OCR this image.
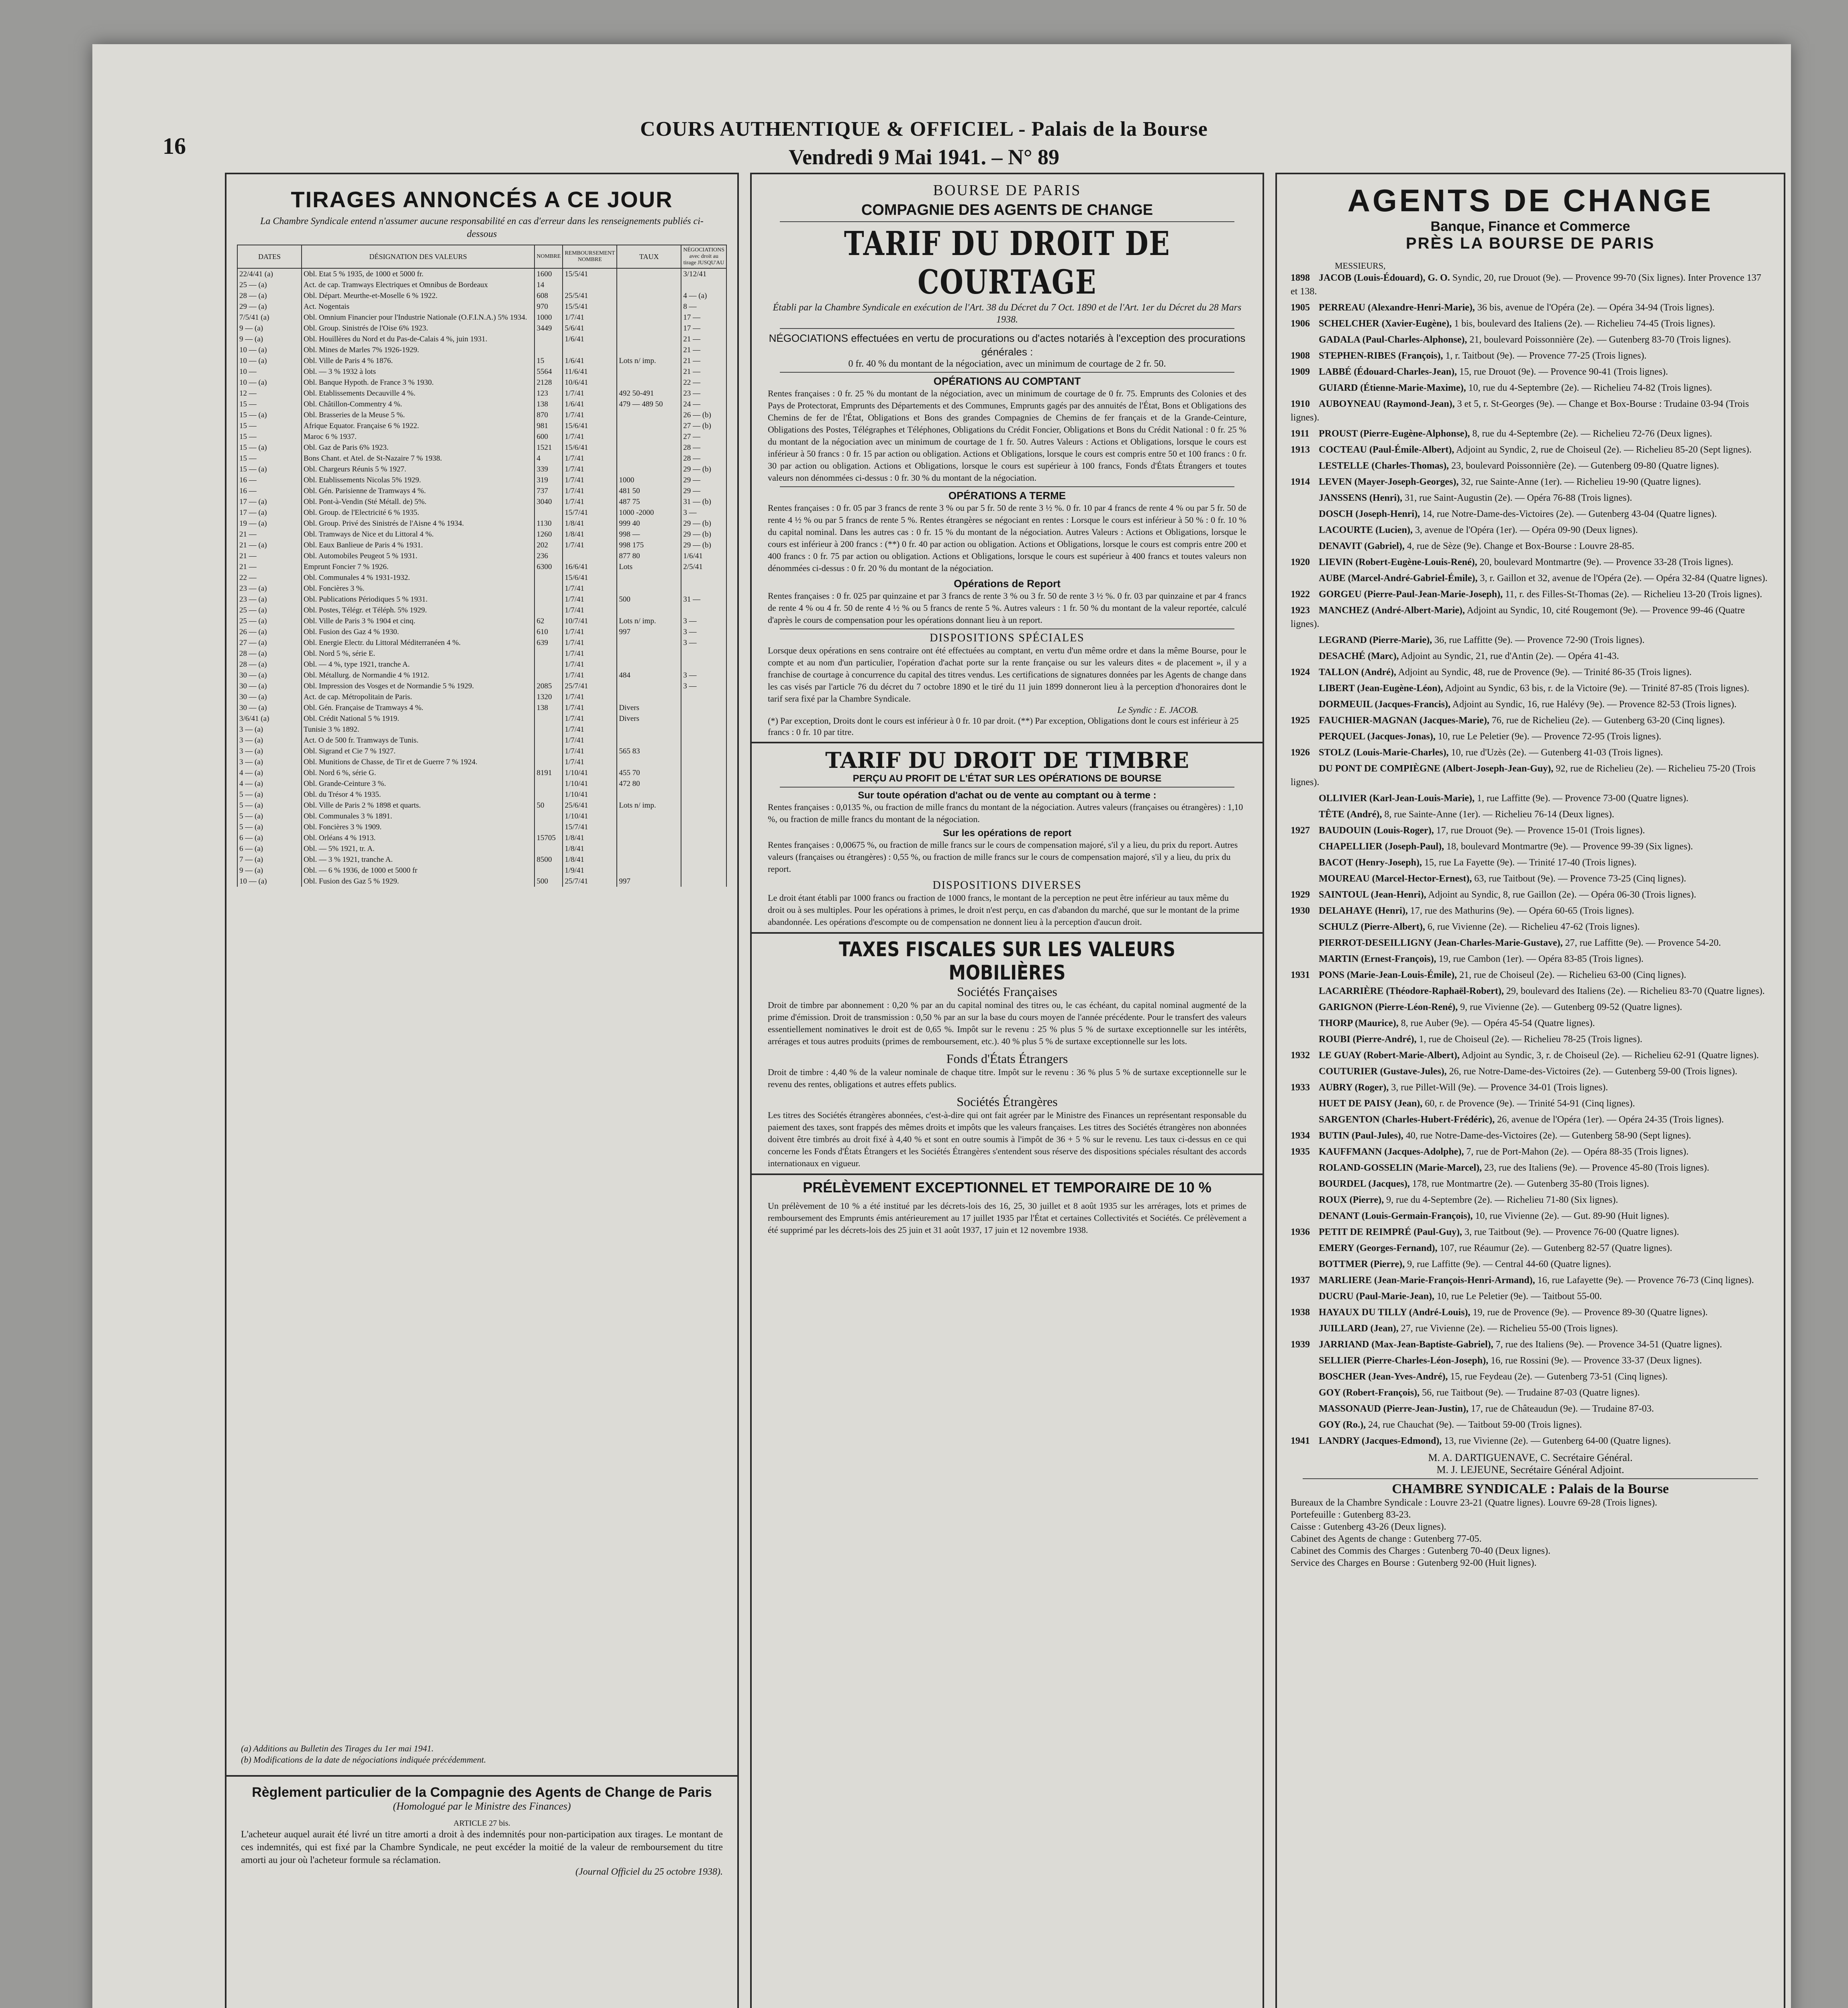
16
COURS AUTHENTIQUE & OFFICIEL - Palais de la Bourse
Vendredi 9 Mai 1941. – N° 89
TIRAGES ANNONCÉS A CE JOUR
La Chambre Syndicale entend n'assumer aucune responsabilité en cas d'erreur dans les renseignements publiés ci-dessous
DATES	DÉSIGNATION DES VALEURS	NOMBRE	REMBOURSEMENT NOMBRE	TAUX	NÉGOCIATIONS avec droit au tirage JUSQU'AU
22/4/41 (a)	Obl. Etat 5 % 1935, de 1000 et 5000 fr.	1600	15/5/41		3/12/41
25 — (a)	Act. de cap. Tramways Electriques et Omnibus de Bordeaux	14			
28 — (a)	Obl. Départ. Meurthe-et-Moselle 6 % 1922.	608	25/5/41		4 — (a)
29 — (a)	Act. Nogentais	970	15/5/41		8 —
7/5/41 (a)	Obl. Omnium Financier pour l'Industrie Nationale (O.F.I.N.A.) 5% 1934.	1000	1/7/41		17 —
9 — (a)	Obl. Group. Sinistrés de l'Oise 6% 1923.	3449	5/6/41		17 —
9 — (a)	Obl. Houillères du Nord et du Pas-de-Calais 4 %, juin 1931.		1/6/41		21 —
10 — (a)	Obl. Mines de Marles 7% 1926-1929.				21 —
10 — (a)	Obl. Ville de Paris 4 % 1876.	15	1/6/41	Lots n/ imp.	21 —
10 —	Obl. — 3 % 1932 à lots	5564	11/6/41		21 —
10 — (a)	Obl. Banque Hypoth. de France 3 % 1930.	2128	10/6/41		22 —
12 —	Obl. Etablissements Decauville 4 %.	123	1/7/41	492 50-491	23 —
15 —	Obl. Châtillon-Commentry 4 %.	138	1/6/41	479 — 489 50	24 —
15 — (a)	Obl. Brasseries de la Meuse 5 %.	870	1/7/41		26 — (b)
15 —	Afrique Equator. Française 6 % 1922.	981	15/6/41		27 — (b)
15 —	Maroc 6 % 1937.	600	1/7/41		27 —
15 — (a)	Obl. Gaz de Paris 6% 1923.	1521	15/6/41		28 —
15 —	Bons Chant. et Atel. de St-Nazaire 7 % 1938.	4	1/7/41		28 —
15 — (a)	Obl. Chargeurs Réunis 5 % 1927.	339	1/7/41		29 — (b)
16 —	Obl. Etablissements Nicolas 5% 1929.	319	1/7/41	1000	29 —
16 —	Obl. Gén. Parisienne de Tramways 4 %.	737	1/7/41	481 50	29 —
17 — (a)	Obl. Pont-à-Vendin (Sté Métall. de) 5%.	3040	1/7/41	487 75	31 — (b)
17 — (a)	Obl. Group. de l'Electricité 6 % 1935.		15/7/41	1000 -2000	3 —
19 — (a)	Obl. Group. Privé des Sinistrés de l'Aisne 4 % 1934.	1130	1/8/41	999 40	29 — (b)
21 —	Obl. Tramways de Nice et du Littoral 4 %.	1260	1/8/41	998 —	29 — (b)
21 — (a)	Obl. Eaux Banlieue de Paris 4 % 1931.	202	1/7/41	998 175	29 — (b)
21 —	Obl. Automobiles Peugeot 5 % 1931.	236		877 80	1/6/41
21 —	Emprunt Foncier 7 % 1926.	6300	16/6/41	Lots	2/5/41
22 —	Obl. Communales 4 % 1931-1932.		15/6/41		
23 — (a)	Obl. Foncières 3 %.		1/7/41		
23 — (a)	Obl. Publications Périodiques 5 % 1931.		1/7/41	500	31 —
25 — (a)	Obl. Postes, Télégr. et Téléph. 5% 1929.		1/7/41		
25 — (a)	Obl. Ville de Paris 3 % 1904 et cinq.	62	10/7/41	Lots n/ imp.	3 —
26 — (a)	Obl. Fusion des Gaz 4 % 1930.	610	1/7/41	997	3 —
27 — (a)	Obl. Energie Electr. du Littoral Méditerranéen 4 %.	639	1/7/41		3 —
28 — (a)	Obl. Nord 5 %, série E.		1/7/41		
28 — (a)	Obl. — 4 %, type 1921, tranche A.		1/7/41		
30 — (a)	Obl. Métallurg. de Normandie 4 % 1912.		1/7/41	484	3 —
30 — (a)	Obl. Impression des Vosges et de Normandie 5 % 1929.	2085	25/7/41		3 —
30 — (a)	Act. de cap. Métropolitain de Paris.	1320	1/7/41		
30 — (a)	Obl. Gén. Française de Tramways 4 %.	138	1/7/41	Divers	
3/6/41 (a)	Obl. Crédit National 5 % 1919.		1/7/41	Divers	
3 — (a)	Tunisie 3 % 1892.		1/7/41		
3 — (a)	Act. O de 500 fr. Tramways de Tunis.		1/7/41		
3 — (a)	Obl. Sigrand et Cie 7 % 1927.		1/7/41	565 83	
3 — (a)	Obl. Munitions de Chasse, de Tir et de Guerre 7 % 1924.		1/7/41		
4 — (a)	Obl. Nord 6 %, série G.	8191	1/10/41	455 70	
4 — (a)	Obl. Grande-Ceinture 3 %.		1/10/41	472 80	
5 — (a)	Obl. du Trésor 4 % 1935.		1/10/41		
5 — (a)	Obl. Ville de Paris 2 % 1898 et quarts.	50	25/6/41	Lots n/ imp.	
5 — (a)	Obl. Communales 3 % 1891.		1/10/41		
5 — (a)	Obl. Foncières 3 % 1909.		15/7/41		
6 — (a)	Obl. Orléans 4 % 1913.	15705	1/8/41		
6 — (a)	Obl. — 5% 1921, tr. A.		1/8/41		
7 — (a)	Obl. — 3 % 1921, tranche A.	8500	1/8/41		
9 — (a)	Obl. — 6 % 1936, de 1000 et 5000 fr		1/9/41		
10 — (a)	Obl. Fusion des Gaz 5 % 1929.	500	25/7/41	997	
(a) Additions au Bulletin des Tirages du 1er mai 1941.
(b) Modifications de la date de négociations indiquée précédemment.
Règlement particulier de la Compagnie des Agents de Change de Paris
(Homologué par le Ministre des Finances)
ARTICLE 27 bis.
L'acheteur auquel aurait été livré un titre amorti a droit à des indemnités pour non-participation aux tirages. Le montant de ces indemnités, qui est fixé par la Chambre Syndicale, ne peut excéder la moitié de la valeur de remboursement du titre amorti au jour où l'acheteur formule sa réclamation.
(Journal Officiel du 25 octobre 1938).
BOURSE DE PARIS
COMPAGNIE DES AGENTS DE CHANGE
TARIF DU DROIT DE COURTAGE
Établi par la Chambre Syndicale en exécution de l'Art. 38 du Décret du 7 Oct. 1890 et de l'Art. 1er du Décret du 28 Mars 1938.
NÉGOCIATIONS effectuées en vertu de procurations ou d'actes notariés à l'exception des procurations générales :
0 fr. 40 % du montant de la négociation, avec un minimum de courtage de 2 fr. 50.
OPÉRATIONS AU COMPTANT
Rentes françaises : 0 fr. 25 % du montant de la négociation, avec un minimum de courtage de 0 fr. 75. Emprunts des Colonies et des Pays de Protectorat, Emprunts des Départements et des Communes, Emprunts gagés par des annuités de l'État, Bons et Obligations des Chemins de fer de l'État, Obligations et Bons des grandes Compagnies de Chemins de fer français et de la Grande-Ceinture, Obligations des Postes, Télégraphes et Téléphones, Obligations du Crédit Foncier, Obligations et Bons du Crédit National : 0 fr. 25 % du montant de la négociation avec un minimum de courtage de 1 fr. 50. Autres Valeurs : Actions et Obligations, lorsque le cours est inférieur à 50 francs : 0 fr. 15 par action ou obligation. Actions et Obligations, lorsque le cours est compris entre 50 et 100 francs : 0 fr. 30 par action ou obligation. Actions et Obligations, lorsque le cours est supérieur à 100 francs, Fonds d'États Étrangers et toutes valeurs non dénommées ci-dessus : 0 fr. 30 % du montant de la négociation.
OPÉRATIONS A TERME
Rentes françaises : 0 fr. 05 par 3 francs de rente 3 % ou par 5 fr. 50 de rente 3 ½ %. 0 fr. 10 par 4 francs de rente 4 % ou par 5 fr. 50 de rente 4 ½ % ou par 5 francs de rente 5 %. Rentes étrangères se négociant en rentes : Lorsque le cours est inférieur à 50 % : 0 fr. 10 % du capital nominal. Dans les autres cas : 0 fr. 15 % du montant de la négociation. Autres Valeurs : Actions et Obligations, lorsque le cours est inférieur à 200 francs : (**) 0 fr. 40 par action ou obligation. Actions et Obligations, lorsque le cours est compris entre 200 et 400 francs : 0 fr. 75 par action ou obligation. Actions et Obligations, lorsque le cours est supérieur à 400 francs et toutes valeurs non dénommées ci-dessus : 0 fr. 20 % du montant de la négociation.
Opérations de Report
Rentes françaises : 0 fr. 025 par quinzaine et par 3 francs de rente 3 % ou 3 fr. 50 de rente 3 ½ %. 0 fr. 03 par quinzaine et par 4 francs de rente 4 % ou 4 fr. 50 de rente 4 ½ % ou 5 francs de rente 5 %. Autres valeurs : 1 fr. 50 % du montant de la valeur reportée, calculé d'après le cours de compensation pour les opérations donnant lieu à un report.
DISPOSITIONS SPÉCIALES
Lorsque deux opérations en sens contraire ont été effectuées au comptant, en vertu d'un même ordre et dans la même Bourse, pour le compte et au nom d'un particulier, l'opération d'achat porte sur la rente française ou sur les valeurs dites « de placement », il y a franchise de courtage à concurrence du capital des titres vendus. Les certifications de signatures données par les Agents de change dans les cas visés par l'article 76 du décret du 7 octobre 1890 et le tiré du 11 juin 1899 donneront lieu à la perception d'honoraires dont le tarif sera fixé par la Chambre Syndicale.
Le Syndic : E. JACOB.
(*) Par exception, Droits dont le cours est inférieur à 0 fr. 10 par droit. (**) Par exception, Obligations dont le cours est inférieur à 25 francs : 0 fr. 10 par titre.
TARIF DU DROIT DE TIMBRE
PERÇU AU PROFIT DE L'ÉTAT SUR LES OPÉRATIONS DE BOURSE
Sur toute opération d'achat ou de vente au comptant ou à terme :
Rentes françaises : 0,0135 %, ou fraction de mille francs du montant de la négociation. Autres valeurs (françaises ou étrangères) : 1,10 %, ou fraction de mille francs du montant de la négociation.
Sur les opérations de report
Rentes françaises : 0,00675 %, ou fraction de mille francs sur le cours de compensation majoré, s'il y a lieu, du prix du report. Autres valeurs (françaises ou étrangères) : 0,55 %, ou fraction de mille francs sur le cours de compensation majoré, s'il y a lieu, du prix du report.
DISPOSITIONS DIVERSES
Le droit étant établi par 1000 francs ou fraction de 1000 francs, le montant de la perception ne peut être inférieur au taux même du droit ou à ses multiples. Pour les opérations à primes, le droit n'est perçu, en cas d'abandon du marché, que sur le montant de la prime abandonnée. Les opérations d'escompte ou de compensation ne donnent lieu à la perception d'aucun droit.
TAXES FISCALES SUR LES VALEURS MOBILIÈRES
Sociétés Françaises
Droit de timbre par abonnement : 0,20 % par an du capital nominal des titres ou, le cas échéant, du capital nominal augmenté de la prime d'émission. Droit de transmission : 0,50 % par an sur la base du cours moyen de l'année précédente. Pour le transfert des valeurs essentiellement nominatives le droit est de 0,65 %. Impôt sur le revenu : 25 % plus 5 % de surtaxe exceptionnelle sur les intérêts, arrérages et tous autres produits (primes de remboursement, etc.). 40 % plus 5 % de surtaxe exceptionnelle sur les lots.
Fonds d'États Étrangers
Droit de timbre : 4,40 % de la valeur nominale de chaque titre. Impôt sur le revenu : 36 % plus 5 % de surtaxe exceptionnelle sur le revenu des rentes, obligations et autres effets publics.
Sociétés Étrangères
Les titres des Sociétés étrangères abonnées, c'est-à-dire qui ont fait agréer par le Ministre des Finances un représentant responsable du paiement des taxes, sont frappés des mêmes droits et impôts que les valeurs françaises. Les titres des Sociétés étrangères non abonnées doivent être timbrés au droit fixé à 4,40 % et sont en outre soumis à l'impôt de 36 + 5 % sur le revenu. Les taux ci-dessus en ce qui concerne les Fonds d'États Étrangers et les Sociétés Étrangères s'entendent sous réserve des dispositions spéciales résultant des accords internationaux en vigueur.
PRÉLÈVEMENT EXCEPTIONNEL ET TEMPORAIRE DE 10 %
Un prélèvement de 10 % a été institué par les décrets-lois des 16, 25, 30 juillet et 8 août 1935 sur les arrérages, lots et primes de remboursement des Emprunts émis antérieurement au 17 juillet 1935 par l'État et certaines Collectivités et Sociétés. Ce prélèvement a été supprimé par les décrets-lois des 25 juin et 31 août 1937, 17 juin et 12 novembre 1938.
AGENTS DE CHANGE
Banque, Finance et Commerce
PRÈS LA BOURSE DE PARIS
MESSIEURS,
1898 JACOB (Louis-Édouard), G. O. Syndic, 20, rue Drouot (9e). — Provence 99-70 (Six lignes). Inter Provence 137 et 138.
1905 PERREAU (Alexandre-Henri-Marie), 36 bis, avenue de l'Opéra (2e). — Opéra 34-94 (Trois lignes).
1906 SCHELCHER (Xavier-Eugène), 1 bis, boulevard des Italiens (2e). — Richelieu 74-45 (Trois lignes).
GADALA (Paul-Charles-Alphonse), 21, boulevard Poissonnière (2e). — Gutenberg 83-70 (Trois lignes).
1908 STEPHEN-RIBES (François), 1, r. Taitbout (9e). — Provence 77-25 (Trois lignes).
1909 LABBÉ (Édouard-Charles-Jean), 15, rue Drouot (9e). — Provence 90-41 (Trois lignes).
GUIARD (Étienne-Marie-Maxime), 10, rue du 4-Septembre (2e). — Richelieu 74-82 (Trois lignes).
1910 AUBOYNEAU (Raymond-Jean), 3 et 5, r. St-Georges (9e). — Change et Box-Bourse : Trudaine 03-94 (Trois lignes).
1911 PROUST (Pierre-Eugène-Alphonse), 8, rue du 4-Septembre (2e). — Richelieu 72-76 (Deux lignes).
1913 COCTEAU (Paul-Émile-Albert), Adjoint au Syndic, 2, rue de Choiseul (2e). — Richelieu 85-20 (Sept lignes).
LESTELLE (Charles-Thomas), 23, boulevard Poissonnière (2e). — Gutenberg 09-80 (Quatre lignes).
1914 LEVEN (Mayer-Joseph-Georges), 32, rue Sainte-Anne (1er). — Richelieu 19-90 (Quatre lignes).
JANSSENS (Henri), 31, rue Saint-Augustin (2e). — Opéra 76-88 (Trois lignes).
DOSCH (Joseph-Henri), 14, rue Notre-Dame-des-Victoires (2e). — Gutenberg 43-04 (Quatre lignes).
LACOURTE (Lucien), 3, avenue de l'Opéra (1er). — Opéra 09-90 (Deux lignes).
DENAVIT (Gabriel), 4, rue de Sèze (9e). Change et Box-Bourse : Louvre 28-85.
1920 LIEVIN (Robert-Eugène-Louis-René), 20, boulevard Montmartre (9e). — Provence 33-28 (Trois lignes).
AUBE (Marcel-André-Gabriel-Émile), 3, r. Gaillon et 32, avenue de l'Opéra (2e). — Opéra 32-84 (Quatre lignes).
1922 GORGEU (Pierre-Paul-Jean-Marie-Joseph), 11, r. des Filles-St-Thomas (2e). — Richelieu 13-20 (Trois lignes).
1923 MANCHEZ (André-Albert-Marie), Adjoint au Syndic, 10, cité Rougemont (9e). — Provence 99-46 (Quatre lignes).
LEGRAND (Pierre-Marie), 36, rue Laffitte (9e). — Provence 72-90 (Trois lignes).
DESACHÉ (Marc), Adjoint au Syndic, 21, rue d'Antin (2e). — Opéra 41-43.
1924 TALLON (André), Adjoint au Syndic, 48, rue de Provence (9e). — Trinité 86-35 (Trois lignes).
LIBERT (Jean-Eugène-Léon), Adjoint au Syndic, 63 bis, r. de la Victoire (9e). — Trinité 87-85 (Trois lignes).
DORMEUIL (Jacques-Francis), Adjoint au Syndic, 16, rue Halévy (9e). — Provence 82-53 (Trois lignes).
1925 FAUCHIER-MAGNAN (Jacques-Marie), 76, rue de Richelieu (2e). — Gutenberg 63-20 (Cinq lignes).
PERQUEL (Jacques-Jonas), 10, rue Le Peletier (9e). — Provence 72-95 (Trois lignes).
1926 STOLZ (Louis-Marie-Charles), 10, rue d'Uzès (2e). — Gutenberg 41-03 (Trois lignes).
DU PONT DE COMPIÈGNE (Albert-Joseph-Jean-Guy), 92, rue de Richelieu (2e). — Richelieu 75-20 (Trois lignes).
OLLIVIER (Karl-Jean-Louis-Marie), 1, rue Laffitte (9e). — Provence 73-00 (Quatre lignes).
TÊTE (André), 8, rue Sainte-Anne (1er). — Richelieu 76-14 (Deux lignes).
1927 BAUDOUIN (Louis-Roger), 17, rue Drouot (9e). — Provence 15-01 (Trois lignes).
CHAPELLIER (Joseph-Paul), 18, boulevard Montmartre (9e). — Provence 99-39 (Six lignes).
BACOT (Henry-Joseph), 15, rue La Fayette (9e). — Trinité 17-40 (Trois lignes).
MOUREAU (Marcel-Hector-Ernest), 63, rue Taitbout (9e). — Provence 73-25 (Cinq lignes).
1929 SAINTOUL (Jean-Henri), Adjoint au Syndic, 8, rue Gaillon (2e). — Opéra 06-30 (Trois lignes).
1930 DELAHAYE (Henri), 17, rue des Mathurins (9e). — Opéra 60-65 (Trois lignes).
SCHULZ (Pierre-Albert), 6, rue Vivienne (2e). — Richelieu 47-62 (Trois lignes).
PIERROT-DESEILLIGNY (Jean-Charles-Marie-Gustave), 27, rue Laffitte (9e). — Provence 54-20.
MARTIN (Ernest-François), 19, rue Cambon (1er). — Opéra 83-85 (Trois lignes).
1931 PONS (Marie-Jean-Louis-Émile), 21, rue de Choiseul (2e). — Richelieu 63-00 (Cinq lignes).
LACARRIÈRE (Théodore-Raphaël-Robert), 29, boulevard des Italiens (2e). — Richelieu 83-70 (Quatre lignes).
GARIGNON (Pierre-Léon-René), 9, rue Vivienne (2e). — Gutenberg 09-52 (Quatre lignes).
THORP (Maurice), 8, rue Auber (9e). — Opéra 45-54 (Quatre lignes).
ROUBI (Pierre-André), 1, rue de Choiseul (2e). — Richelieu 78-25 (Trois lignes).
1932 LE GUAY (Robert-Marie-Albert), Adjoint au Syndic, 3, r. de Choiseul (2e). — Richelieu 62-91 (Quatre lignes).
COUTURIER (Gustave-Jules), 26, rue Notre-Dame-des-Victoires (2e). — Gutenberg 59-00 (Trois lignes).
1933 AUBRY (Roger), 3, rue Pillet-Will (9e). — Provence 34-01 (Trois lignes).
HUET DE PAISY (Jean), 60, r. de Provence (9e). — Trinité 54-91 (Cinq lignes).
SARGENTON (Charles-Hubert-Frédéric), 26, avenue de l'Opéra (1er). — Opéra 24-35 (Trois lignes).
1934 BUTIN (Paul-Jules), 40, rue Notre-Dame-des-Victoires (2e). — Gutenberg 58-90 (Sept lignes).
1935 KAUFFMANN (Jacques-Adolphe), 7, rue de Port-Mahon (2e). — Opéra 88-35 (Trois lignes).
ROLAND-GOSSELIN (Marie-Marcel), 23, rue des Italiens (9e). — Provence 45-80 (Trois lignes).
BOURDEL (Jacques), 178, rue Montmartre (2e). — Gutenberg 35-80 (Trois lignes).
ROUX (Pierre), 9, rue du 4-Septembre (2e). — Richelieu 71-80 (Six lignes).
DENANT (Louis-Germain-François), 10, rue Vivienne (2e). — Gut. 89-90 (Huit lignes).
1936 PETIT DE REIMPRÉ (Paul-Guy), 3, rue Taitbout (9e). — Provence 76-00 (Quatre lignes).
EMERY (Georges-Fernand), 107, rue Réaumur (2e). — Gutenberg 82-57 (Quatre lignes).
BOTTMER (Pierre), 9, rue Laffitte (9e). — Central 44-60 (Quatre lignes).
1937 MARLIERE (Jean-Marie-François-Henri-Armand), 16, rue Lafayette (9e). — Provence 76-73 (Cinq lignes).
DUCRU (Paul-Marie-Jean), 10, rue Le Peletier (9e). — Taitbout 55-00.
1938 HAYAUX DU TILLY (André-Louis), 19, rue de Provence (9e). — Provence 89-30 (Quatre lignes).
JUILLARD (Jean), 27, rue Vivienne (2e). — Richelieu 55-00 (Trois lignes).
1939 JARRIAND (Max-Jean-Baptiste-Gabriel), 7, rue des Italiens (9e). — Provence 34-51 (Quatre lignes).
SELLIER (Pierre-Charles-Léon-Joseph), 16, rue Rossini (9e). — Provence 33-37 (Deux lignes).
BOSCHER (Jean-Yves-André), 15, rue Feydeau (2e). — Gutenberg 73-51 (Cinq lignes).
GOY (Robert-François), 56, rue Taitbout (9e). — Trudaine 87-03 (Quatre lignes).
MASSONAUD (Pierre-Jean-Justin), 17, rue de Châteaudun (9e). — Trudaine 87-03.
GOY (Ro.), 24, rue Chauchat (9e). — Taitbout 59-00 (Trois lignes).
1941 LANDRY (Jacques-Edmond), 13, rue Vivienne (2e). — Gutenberg 64-00 (Quatre lignes).
M. A. DARTIGUENAVE, C. Secrétaire Général.
M. J. LEJEUNE, Secrétaire Général Adjoint.
CHAMBRE SYNDICALE : Palais de la Bourse
Bureaux de la Chambre Syndicale : Louvre 23-21 (Quatre lignes). Louvre 69-28 (Trois lignes).
Portefeuille : Gutenberg 83-23.
Caisse : Gutenberg 43-26 (Deux lignes).
Cabinet des Agents de change : Gutenberg 77-05.
Cabinet des Commis des Charges : Gutenberg 70-40 (Deux lignes).
Service des Charges en Bourse : Gutenberg 92-00 (Huit lignes).
